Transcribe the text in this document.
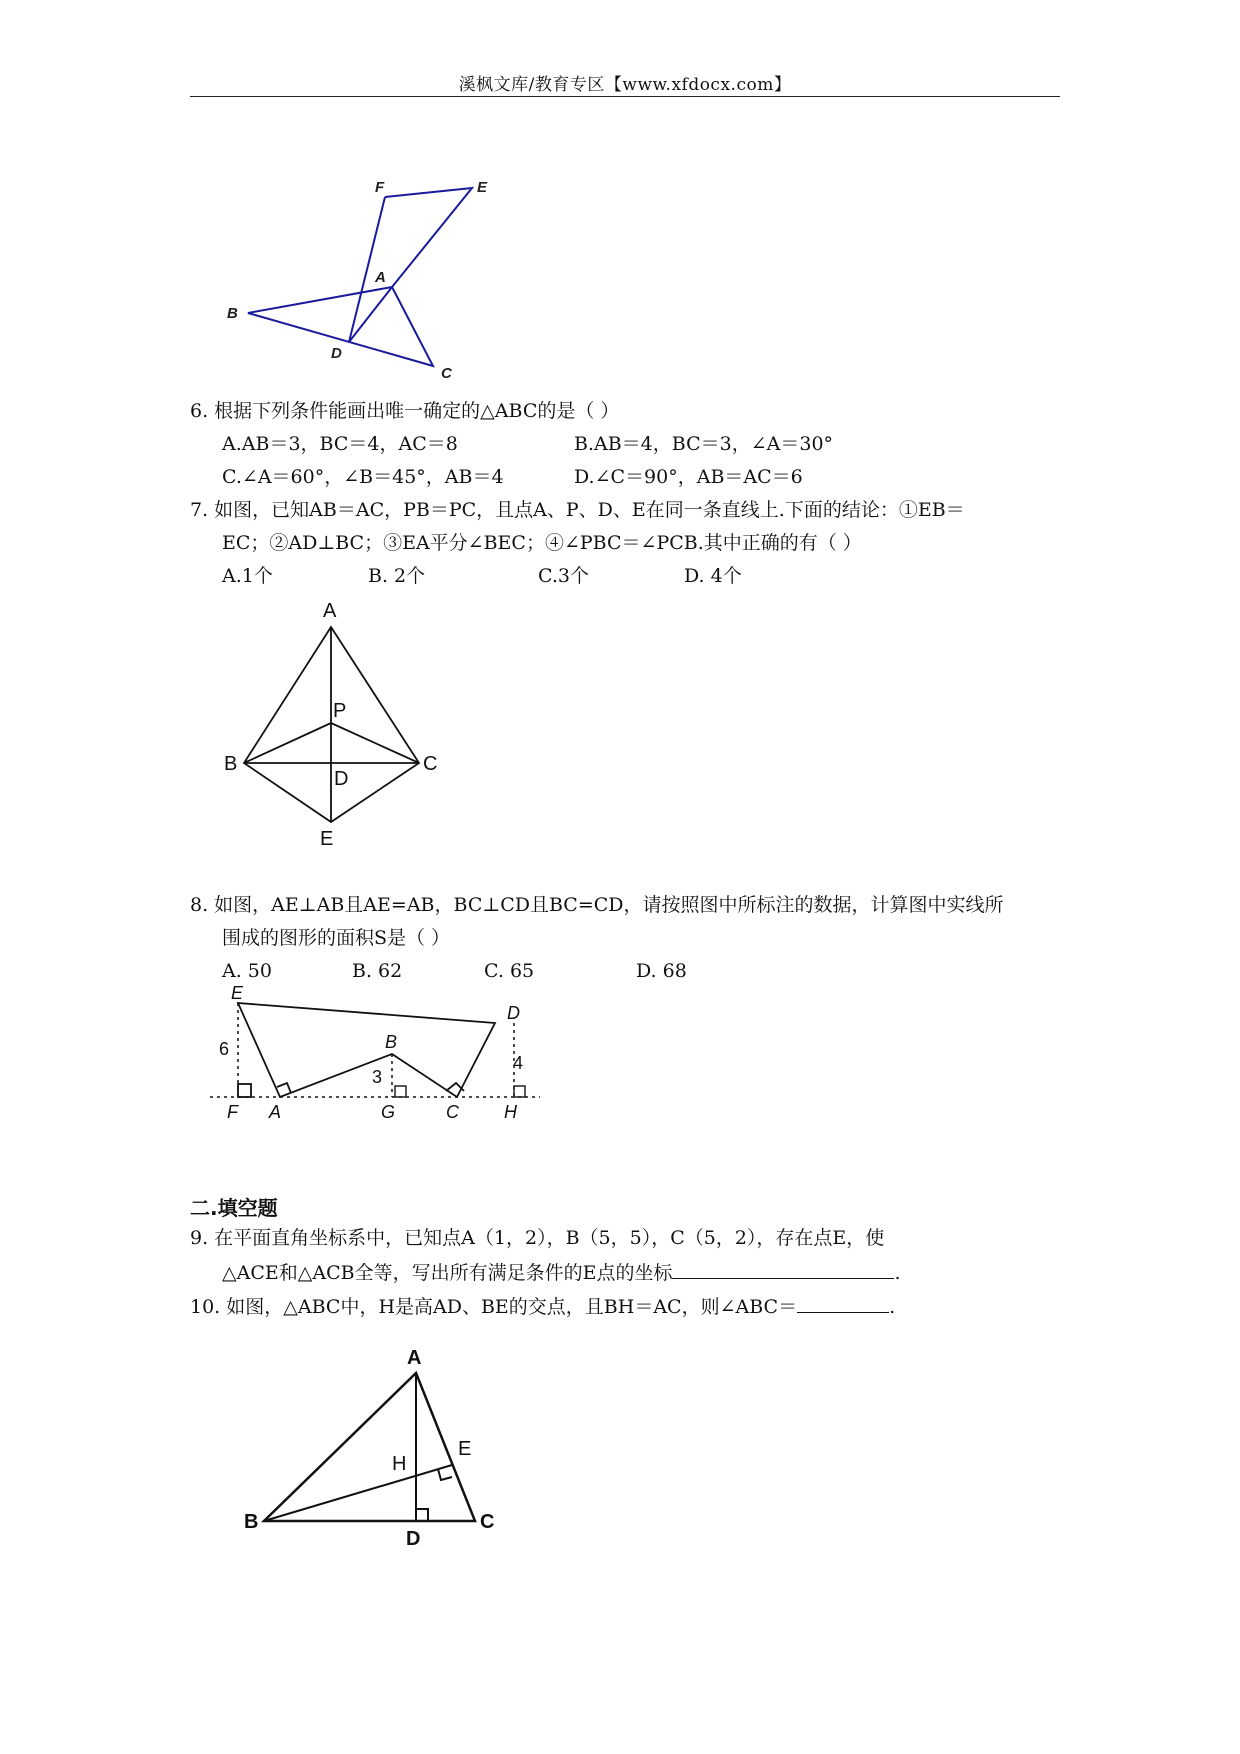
溪枫文库/教育专区【www.xfdocx.com】
F	E
A
B
D
C
6. 根据下列条件能画出唯一确定的△ABC的是（ ）
A.AB＝3，BC＝4，AC＝8	B.AB＝4，BC＝3，∠A＝30°
C.∠A＝60°，∠B＝45°，AB＝4	D.∠C＝90°，AB＝AC＝6
7. 如图，已知AB＝AC，PB＝PC，且点A、P、D、E在同一条直线上.下面的结论：①EB＝
EC；②AD⊥BC；③EA平分∠BEC；④∠PBC＝∠PCB.其中正确的有（ ）
A.1个	B. 2个	C.3个	D. 4个
A
P
B	C
D
E
8. 如图，AE⊥AB且AE=AB，BC⊥CD且BC=CD，请按照图中所标注的数据，计算图中实线所
围成的图形的面积S是（ ）
A. 50	B. 62	C. 65	D. 68
E
D
B
F A	G	C	H
6
3
4
二.填空题
9. 在平面直角坐标系中，已知点A（1，2），B（5，5），C（5，2），存在点E，使
△ACE和△ACB全等，写出所有满足条件的E点的坐标	.
10. 如图，△ABC中，H是高AD、BE的交点，且BH＝AC，则∠ABC＝	.
A
H
E
B
D
C
